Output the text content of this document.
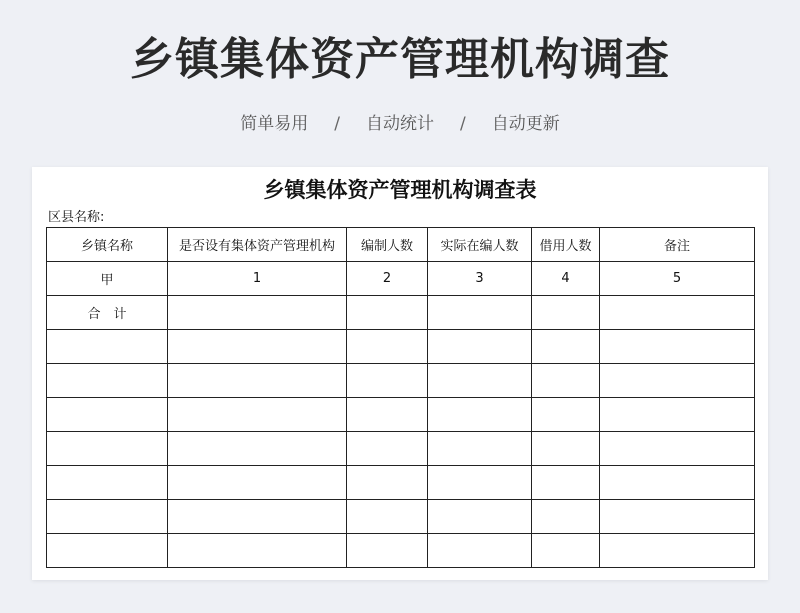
乡镇集体资产管理机构调查
简单易用 / 自动统计 / 自动更新
乡镇集体资产管理机构调查表
区县名称:
乡镇名称	是否设有集体资产管理机构	编制人数	实际在编人数	借用人数	备注
甲	1	2	3	4	5
合　计					
